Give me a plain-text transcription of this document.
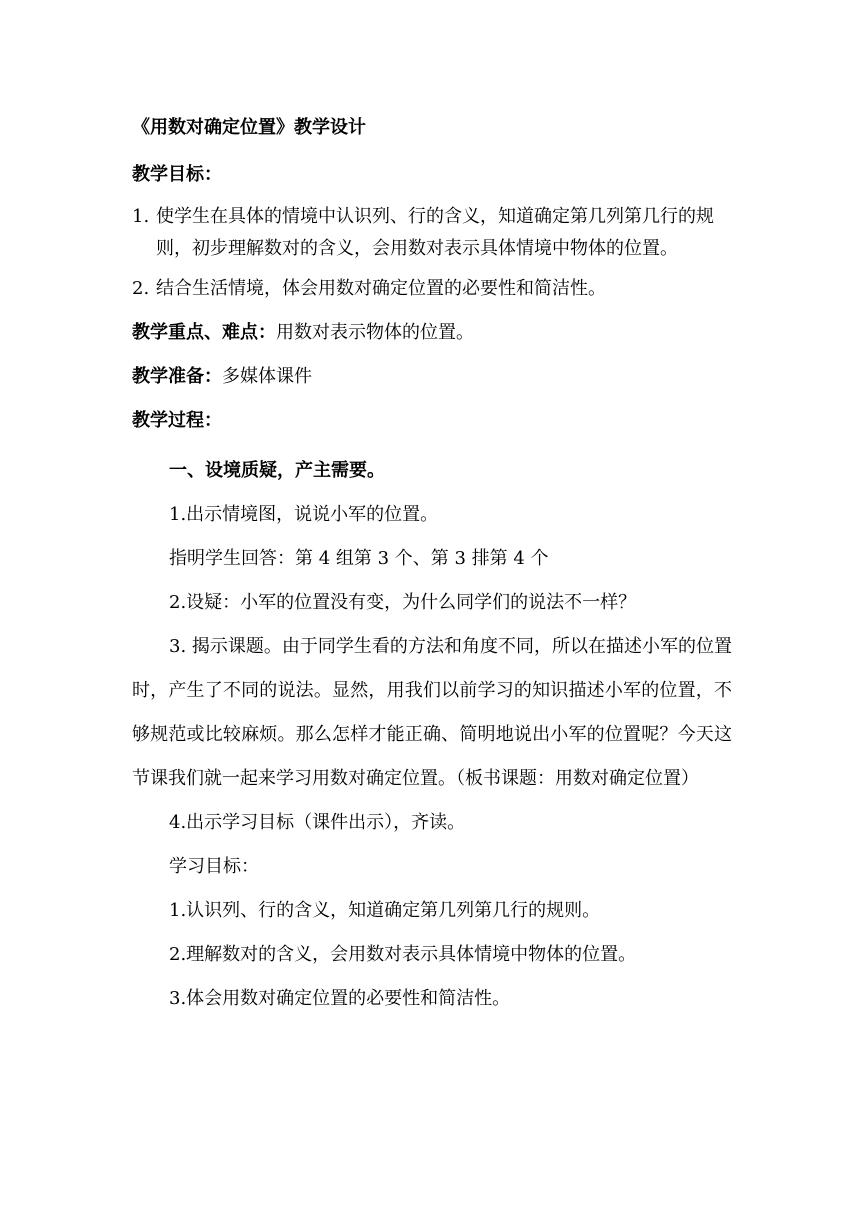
《用数对确定位置》教学设计
教学目标：
1. 使学生在具体的情境中认识列、行的含义，知道确定第几列第几行的规则，初步理解数对的含义，会用数对表示具体情境中物体的位置。
2. 结合生活情境，体会用数对确定位置的必要性和简洁性。
教学重点、难点：用数对表示物体的位置。
教学准备：多媒体课件
教学过程：
一、设境质疑，产主需要。
1.出示情境图，说说小军的位置。
指明学生回答：第 4 组第 3 个、第 3 排第 4 个
2.设疑：小军的位置没有变，为什么同学们的说法不一样？
3. 揭示课题。由于同学生看的方法和角度不同，所以在描述小军的位置时，产生了不同的说法。显然，用我们以前学习的知识描述小军的位置，不够规范或比较麻烦。那么怎样才能正确、简明地说出小军的位置呢？今天这节课我们就一起来学习用数对确定位置。（板书课题：用数对确定位置）
4.出示学习目标（课件出示），齐读。
学习目标：
1.认识列、行的含义，知道确定第几列第几行的规则。
2.理解数对的含义，会用数对表示具体情境中物体的位置。
3.体会用数对确定位置的必要性和简洁性。
